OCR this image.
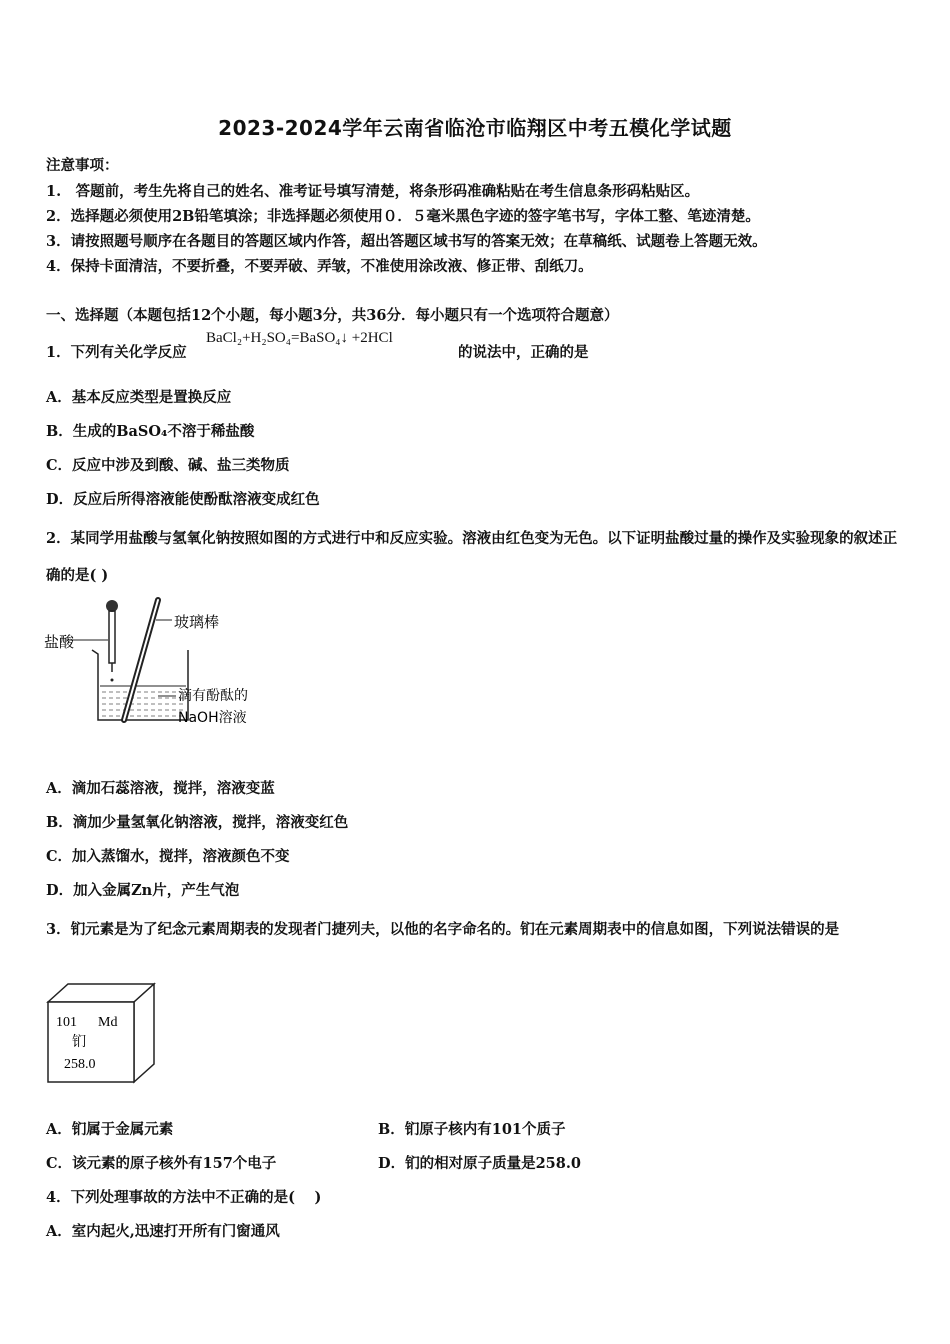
2023-2024学年云南省临沧市临翔区中考五模化学试题
注意事项：
1.　答题前，考生先将自己的姓名、准考证号填写清楚，将条形码准确粘贴在考生信息条形码粘贴区。
2．选择题必须使用2B铅笔填涂；非选择题必须使用０．５毫米黑色字迹的签字笔书写，字体工整、笔迹清楚。
3．请按照题号顺序在各题目的答题区域内作答，超出答题区域书写的答案无效；在草稿纸、试题卷上答题无效。
4．保持卡面清洁，不要折叠，不要弄破、弄皱，不准使用涂改液、修正带、刮纸刀。
一、选择题（本题包括12个小题，每小题3分，共36分．每小题只有一个选项符合题意）
1．下列有关化学反应
BaCl₂+H₂SO₄=BaSO₄↓ +2HCl
的说法中，正确的是
A．基本反应类型是置换反应
B．生成的BaSO₄不溶于稀盐酸
C．反应中涉及到酸、碱、盐三类物质
D．反应后所得溶液能使酚酞溶液变成红色
2．某同学用盐酸与氢氧化钠按照如图的方式进行中和反应实验。溶液由红色变为无色。以下证明盐酸过量的操作及实验现象的叙述正确的是( )
盐酸
玻璃棒
滴有酚酞的
NaOH溶液
A．滴加石蕊溶液，搅拌，溶液变蓝
B．滴加少量氢氧化钠溶液，搅拌，溶液变红色
C．加入蒸馏水，搅拌，溶液颜色不变
D．加入金属Zn片，产生气泡
3．钔元素是为了纪念元素周期表的发现者门捷列夫，以他的名字命名的。钔在元素周期表中的信息如图，下列说法错误的是
101 Md
钔
258.0
A．钔属于金属元素	B．钔原子核内有101个质子
C．该元素的原子核外有157个电子	D．钔的相对原子质量是258.0
4．下列处理事故的方法中不正确的是(　 )
A．室内起火,迅速打开所有门窗通风
